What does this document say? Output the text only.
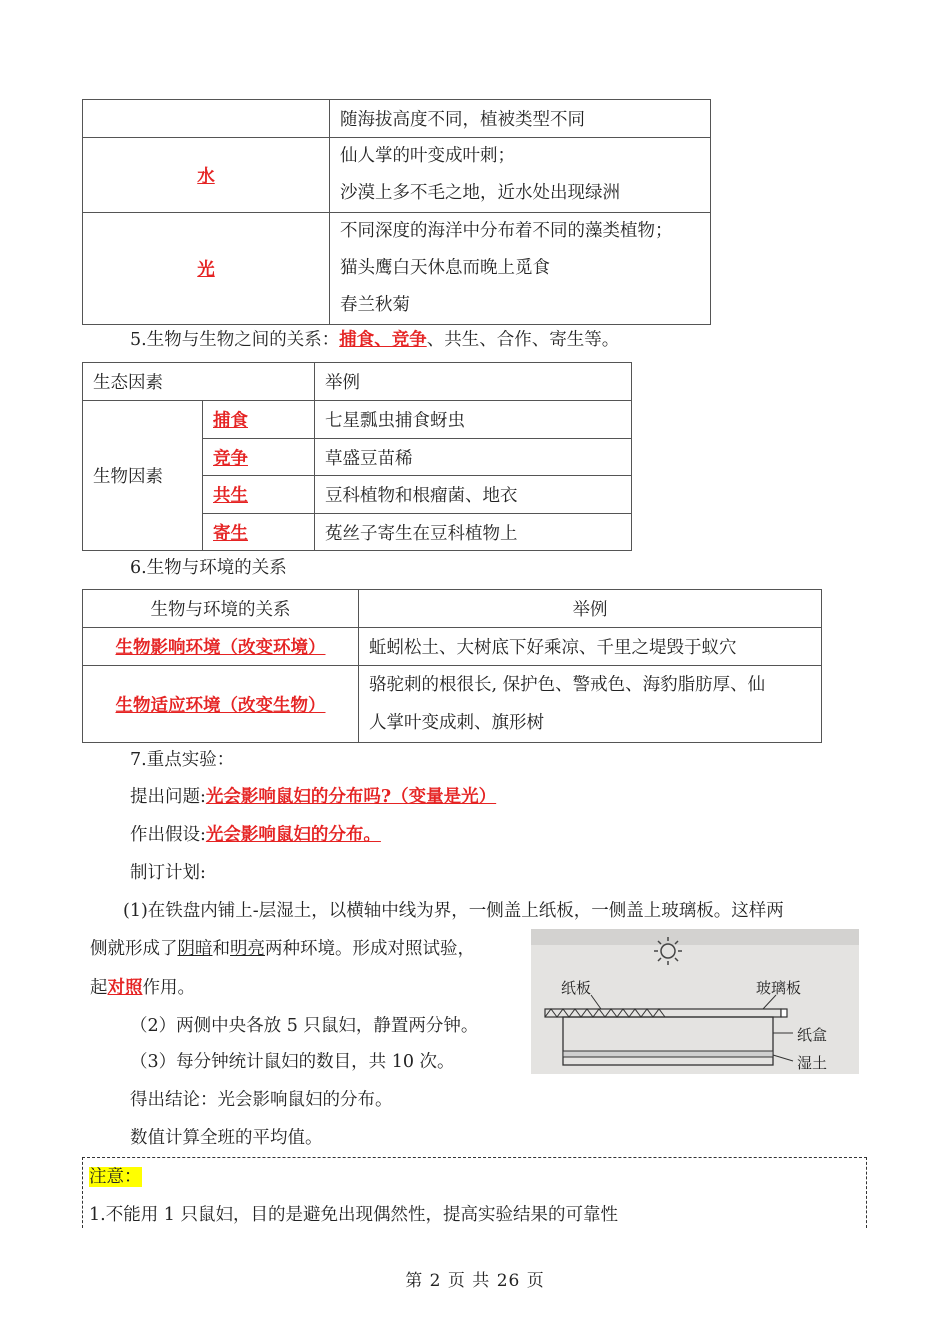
	随海拔高度不同，植被类型不同

水	仙人掌的叶变成叶刺；
沙漠上多不毛之地，近水处出现绿洲

光	不同深度的海洋中分布着不同的藻类植物；
猫头鹰白天休息而晚上觅食
春兰秋菊
5.生物与生物之间的关系：捕食、竞争、共生、合作、寄生等。
生态因素		举例
生物因素	捕食	七星瓢虫捕食蚜虫
	竞争	草盛豆苗稀
	共生	豆科植物和根瘤菌、地衣
	寄生	菟丝子寄生在豆科植物上
6.生物与环境的关系
生物与环境的关系	举例
生物影响环境（改变环境）	蚯蚓松土、大树底下好乘凉、千里之堤毁于蚁穴

生物适应环境（改变生物）	骆驼刺的根很长, 保护色、警戒色、海豹脂肪厚、仙
人掌叶变成刺、旗形树
7.重点实验：
提出问题:光会影响鼠妇的分布吗?（变量是光）
作出假设:光会影响鼠妇的分布。
制订计划:
(1)在铁盘内铺上-层湿土，以横轴中线为界，一侧盖上纸板，一侧盖上玻璃板。这样两
侧就形成了阴暗和明亮两种环境。形成对照试验，
起对照作用。
（2）两侧中央各放 5 只鼠妇，静置两分钟。
（3）每分钟统计鼠妇的数目，共 10 次。
得出结论：光会影响鼠妇的分布。
数值计算全班的平均值。
纸板	玻璃板
纸盒
湿土
注意：
1.不能用 1 只鼠妇，目的是避免出现偶然性，提高实验结果的可靠性
第 2 页 共 26 页
